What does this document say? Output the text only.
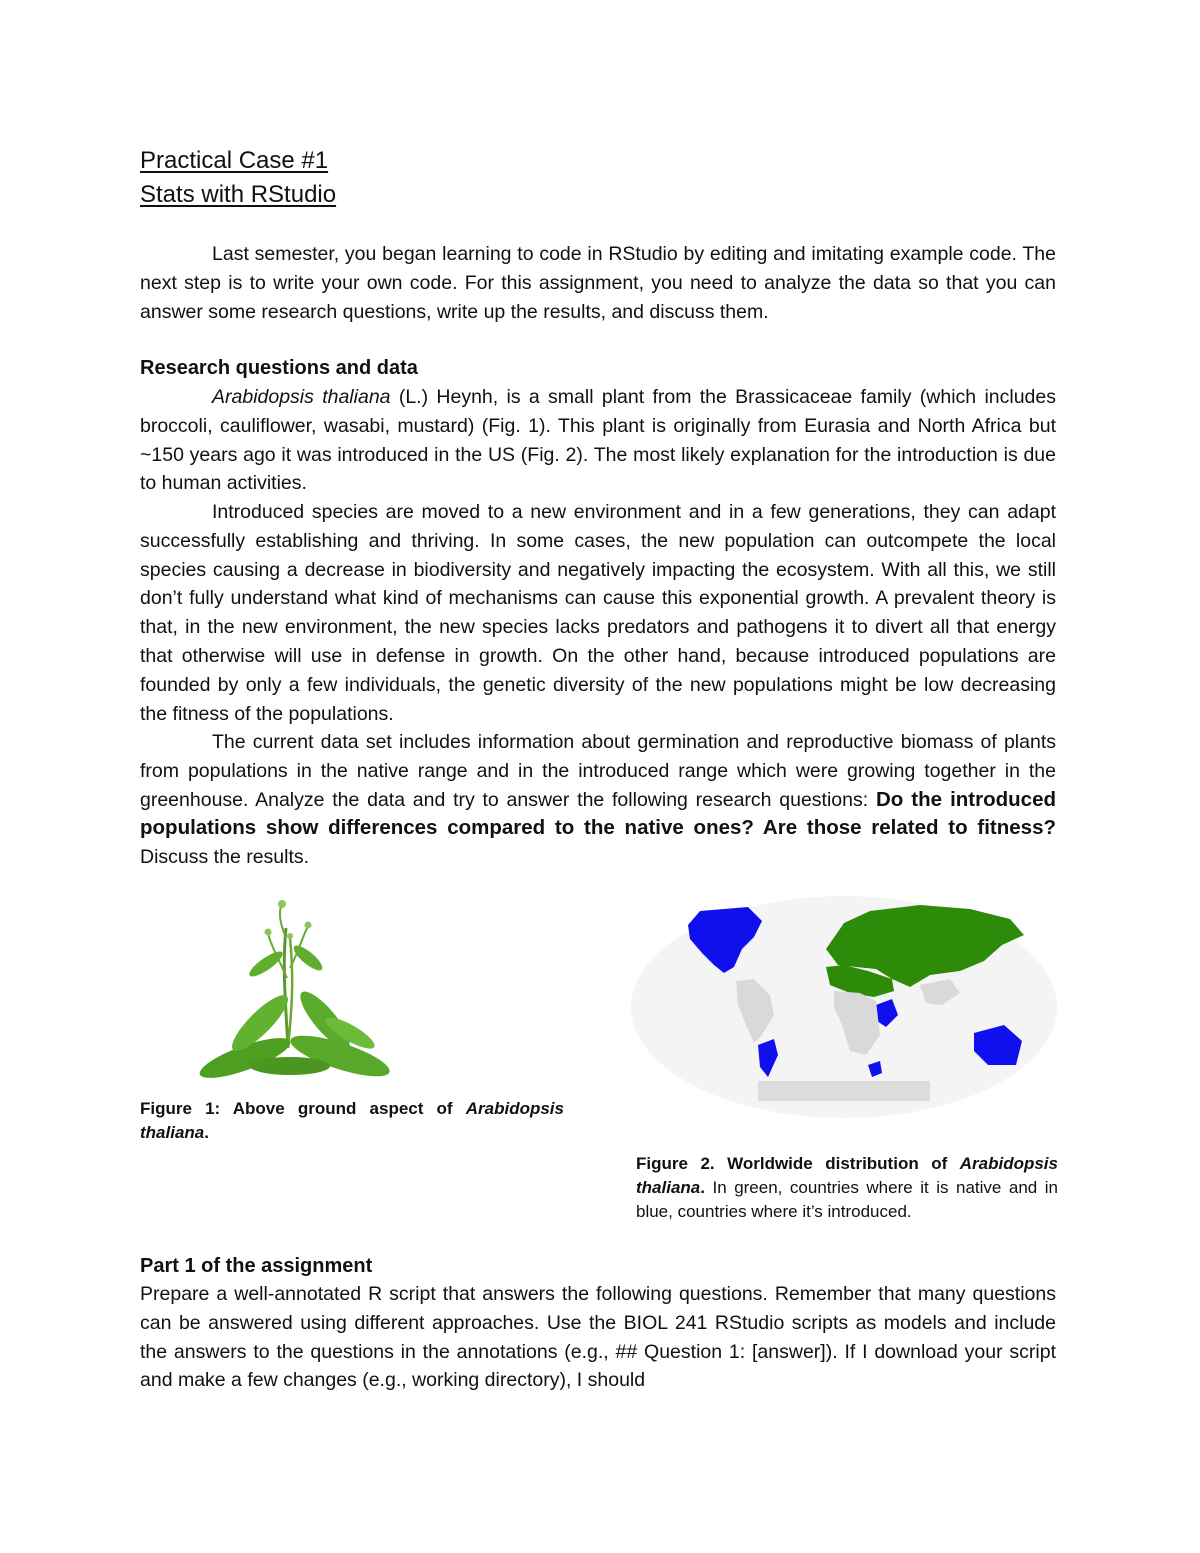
Practical Case #1
Stats with RStudio
Last semester, you began learning to code in RStudio by editing and imitating example code. The next step is to write your own code. For this assignment, you need to analyze the data so that you can answer some research questions, write up the results, and discuss them.
Research questions and data
Arabidopsis thaliana (L.) Heynh, is a small plant from the Brassicaceae family (which includes broccoli, cauliflower, wasabi, mustard) (Fig. 1). This plant is originally from Eurasia and North Africa but ~150 years ago it was introduced in the US (Fig. 2). The most likely explanation for the introduction is due to human activities.
Introduced species are moved to a new environment and in a few generations, they can adapt successfully establishing and thriving. In some cases, the new population can outcompete the local species causing a decrease in biodiversity and negatively impacting the ecosystem. With all this, we still don’t fully understand what kind of mechanisms can cause this exponential growth. A prevalent theory is that, in the new environment, the new species lacks predators and pathogens it to divert all that energy that otherwise will use in defense in growth. On the other hand, because introduced populations are founded by only a few individuals, the genetic diversity of the new populations might be low decreasing the fitness of the populations.
The current data set includes information about germination and reproductive biomass of plants from populations in the native range and in the introduced range which were growing together in the greenhouse. Analyze the data and try to answer the following research questions: Do the introduced populations show differences compared to the native ones? Are those related to fitness? Discuss the results.
Figure 1: Above ground aspect of Arabidopsis thaliana.
Figure 2. Worldwide distribution of Arabidopsis thaliana. In green, countries where it is native and in blue, countries where it’s introduced.
Part 1 of the assignment
Prepare a well-annotated R script that answers the following questions. Remember that many questions can be answered using different approaches. Use the BIOL 241 RStudio scripts as models and include the answers to the questions in the annotations (e.g., ## Question 1: [answer]). If I download your script and make a few changes (e.g., working directory), I should
